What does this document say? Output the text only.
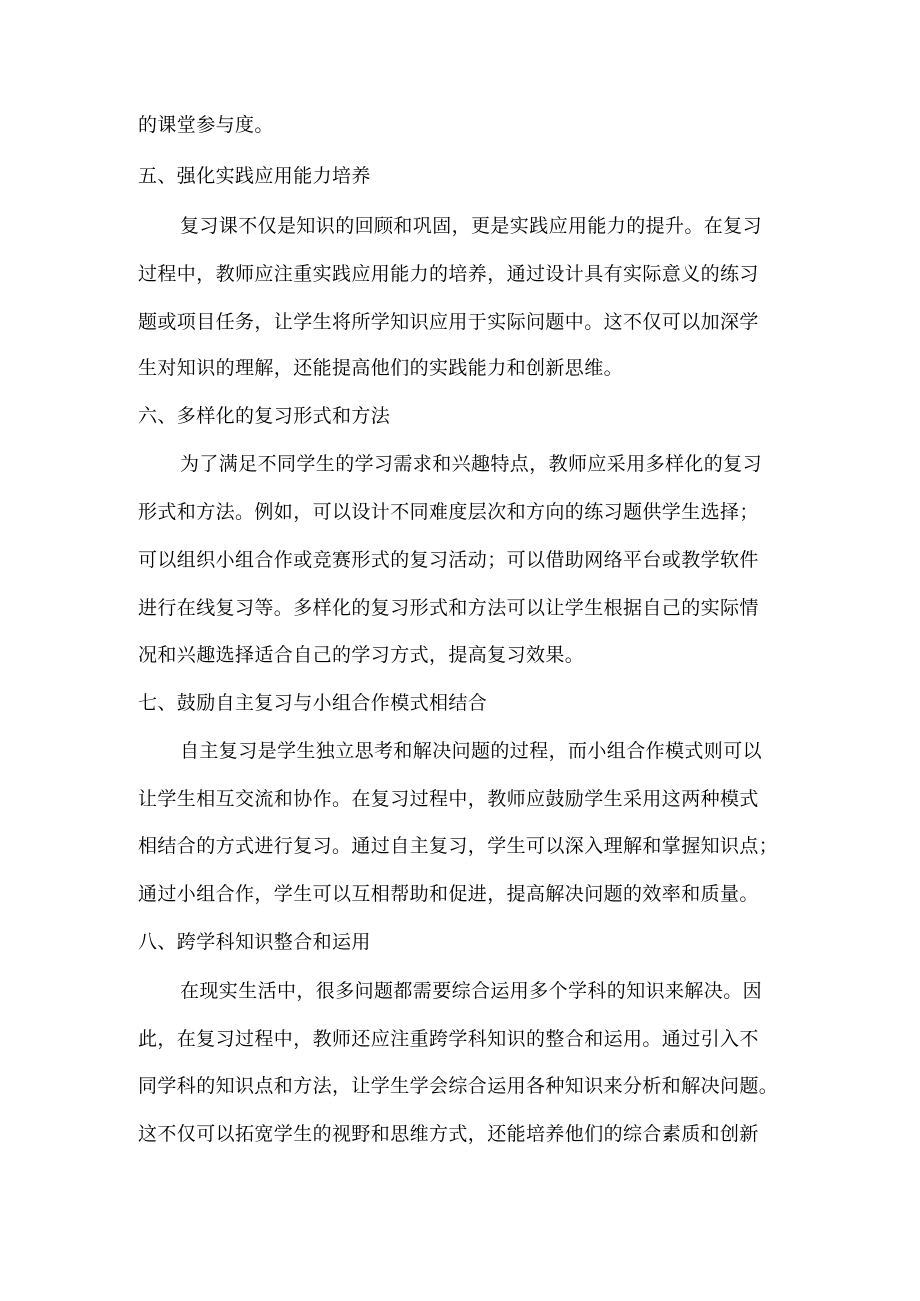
的课堂参与度。
五、强化实践应用能力培养
复习课不仅是知识的回顾和巩固，更是实践应用能力的提升。在复习
过程中，教师应注重实践应用能力的培养，通过设计具有实际意义的练习
题或项目任务，让学生将所学知识应用于实际问题中。这不仅可以加深学
生对知识的理解，还能提高他们的实践能力和创新思维。
六、多样化的复习形式和方法
为了满足不同学生的学习需求和兴趣特点，教师应采用多样化的复习
形式和方法。例如，可以设计不同难度层次和方向的练习题供学生选择；
可以组织小组合作或竞赛形式的复习活动；可以借助网络平台或教学软件
进行在线复习等。多样化的复习形式和方法可以让学生根据自己的实际情
况和兴趣选择适合自己的学习方式，提高复习效果。
七、鼓励自主复习与小组合作模式相结合
自主复习是学生独立思考和解决问题的过程，而小组合作模式则可以
让学生相互交流和协作。在复习过程中，教师应鼓励学生采用这两种模式
相结合的方式进行复习。通过自主复习，学生可以深入理解和掌握知识点；
通过小组合作，学生可以互相帮助和促进，提高解决问题的效率和质量。
八、跨学科知识整合和运用
在现实生活中，很多问题都需要综合运用多个学科的知识来解决。因
此，在复习过程中，教师还应注重跨学科知识的整合和运用。通过引入不
同学科的知识点和方法，让学生学会综合运用各种知识来分析和解决问题。
这不仅可以拓宽学生的视野和思维方式，还能培养他们的综合素质和创新
